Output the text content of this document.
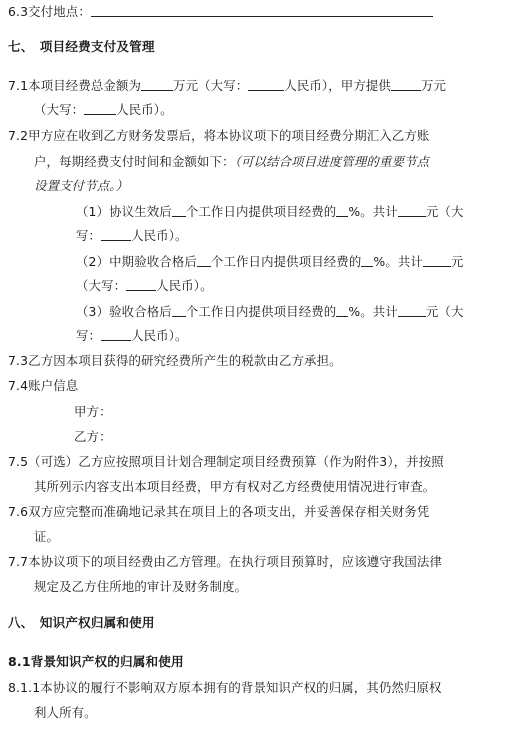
6.3交付地点：
七、　项目经费支付及管理
7.1本项目经费总金额为	万元（大写：	人民币），甲方提供 万元
（大写：	人民币）。
7.2甲方应在收到乙方财务发票后，将本协议项下的项目经费分期汇入乙方账
户，每期经费支付时间和金额如下：（可以结合项目进度管理的重要节点
设置支付节点。）
（1）协议生效后 个工作日内提供项目经费的 %。共计 元（大
写： 人民币）。
（2）中期验收合格后 个工作日内提供项目经费的 %。共计 元
（大写： 人民币）。
（3）验收合格后 个工作日内提供项目经费的 %。共计 元（大
写： 人民币）。
7.3乙方因本项目获得的研究经费所产生的税款由乙方承担。
7.4账户信息
甲方：
乙方：
7.5（可选）乙方应按照项目计划合理制定项目经费预算（作为附件3），并按照
其所列示内容支出本项目经费，甲方有权对乙方经费使用情况进行审查。
7.6双方应完整而准确地记录其在项目上的各项支出，并妥善保存相关财务凭
证。
7.7本协议项下的项目经费由乙方管理。在执行项目预算时，应该遵守我国法律
规定及乙方住所地的审计及财务制度。
八、　知识产权归属和使用
8.1背景知识产权的归属和使用
8.1.1本协议的履行不影响双方原本拥有的背景知识产权的归属，其仍然归原权
利人所有。
